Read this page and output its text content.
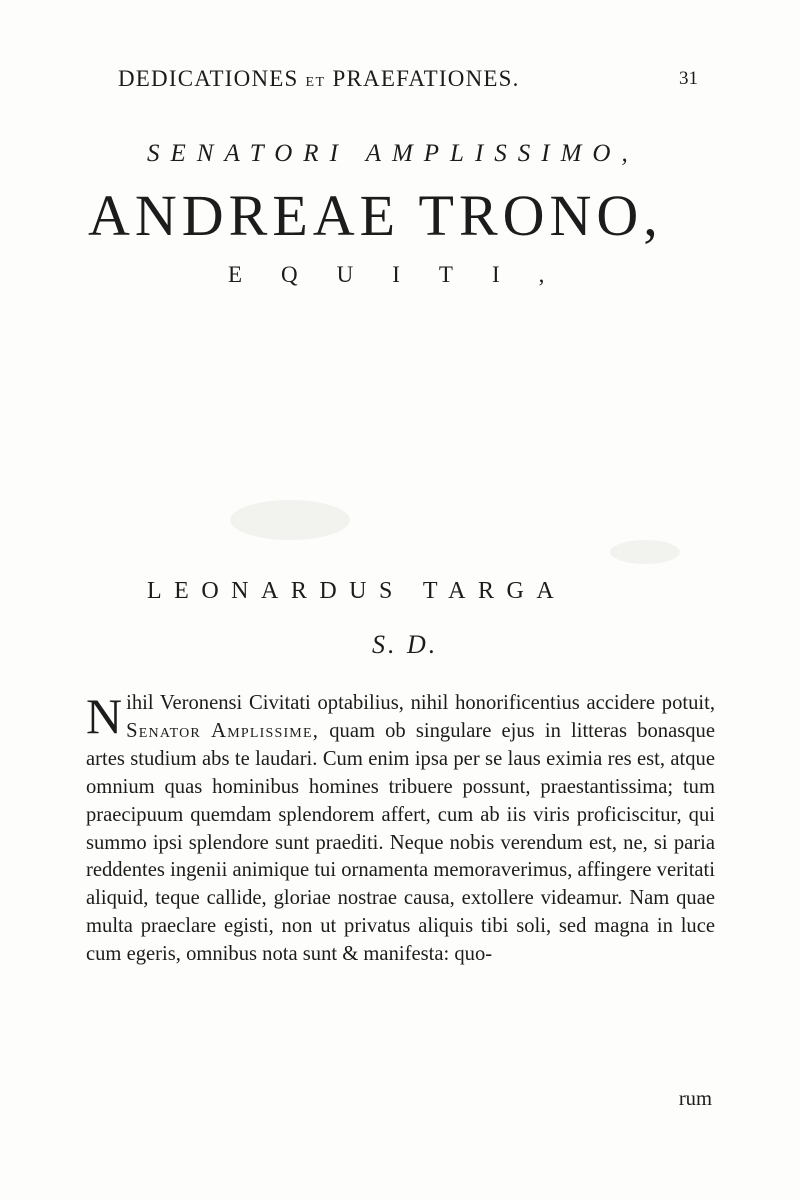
DEDICATIONES ET PRAEFATIONES.	31
SENATORI AMPLISSIMO,
ANDREAE TRONO,
EQUITI,
LEONARDUS TARGA
S. D.

Nihil Veronensi Civitati optabilius, nihil honorificentius accidere potuit, Senator Amplissime, quam ob singulare ejus in litteras bonasque artes studium abs te laudari. Cum enim ipsa per se laus eximia res est, atque omnium quas hominibus homines tribuere possunt, praestantissima; tum praecipuum quemdam splendorem affert, cum ab iis viris proficiscitur, qui summo ipsi splendore sunt praediti. Neque nobis verendum est, ne, si paria reddentes ingenii animique tui ornamenta memoraverimus, affingere veritati aliquid, teque callide, gloriae nostrae causa, extollere videamur. Nam quae multa praeclare egisti, non ut privatus aliquis tibi soli, sed magna in luce cum egeris, omnibus nota sunt & manifesta: quo-

rum
